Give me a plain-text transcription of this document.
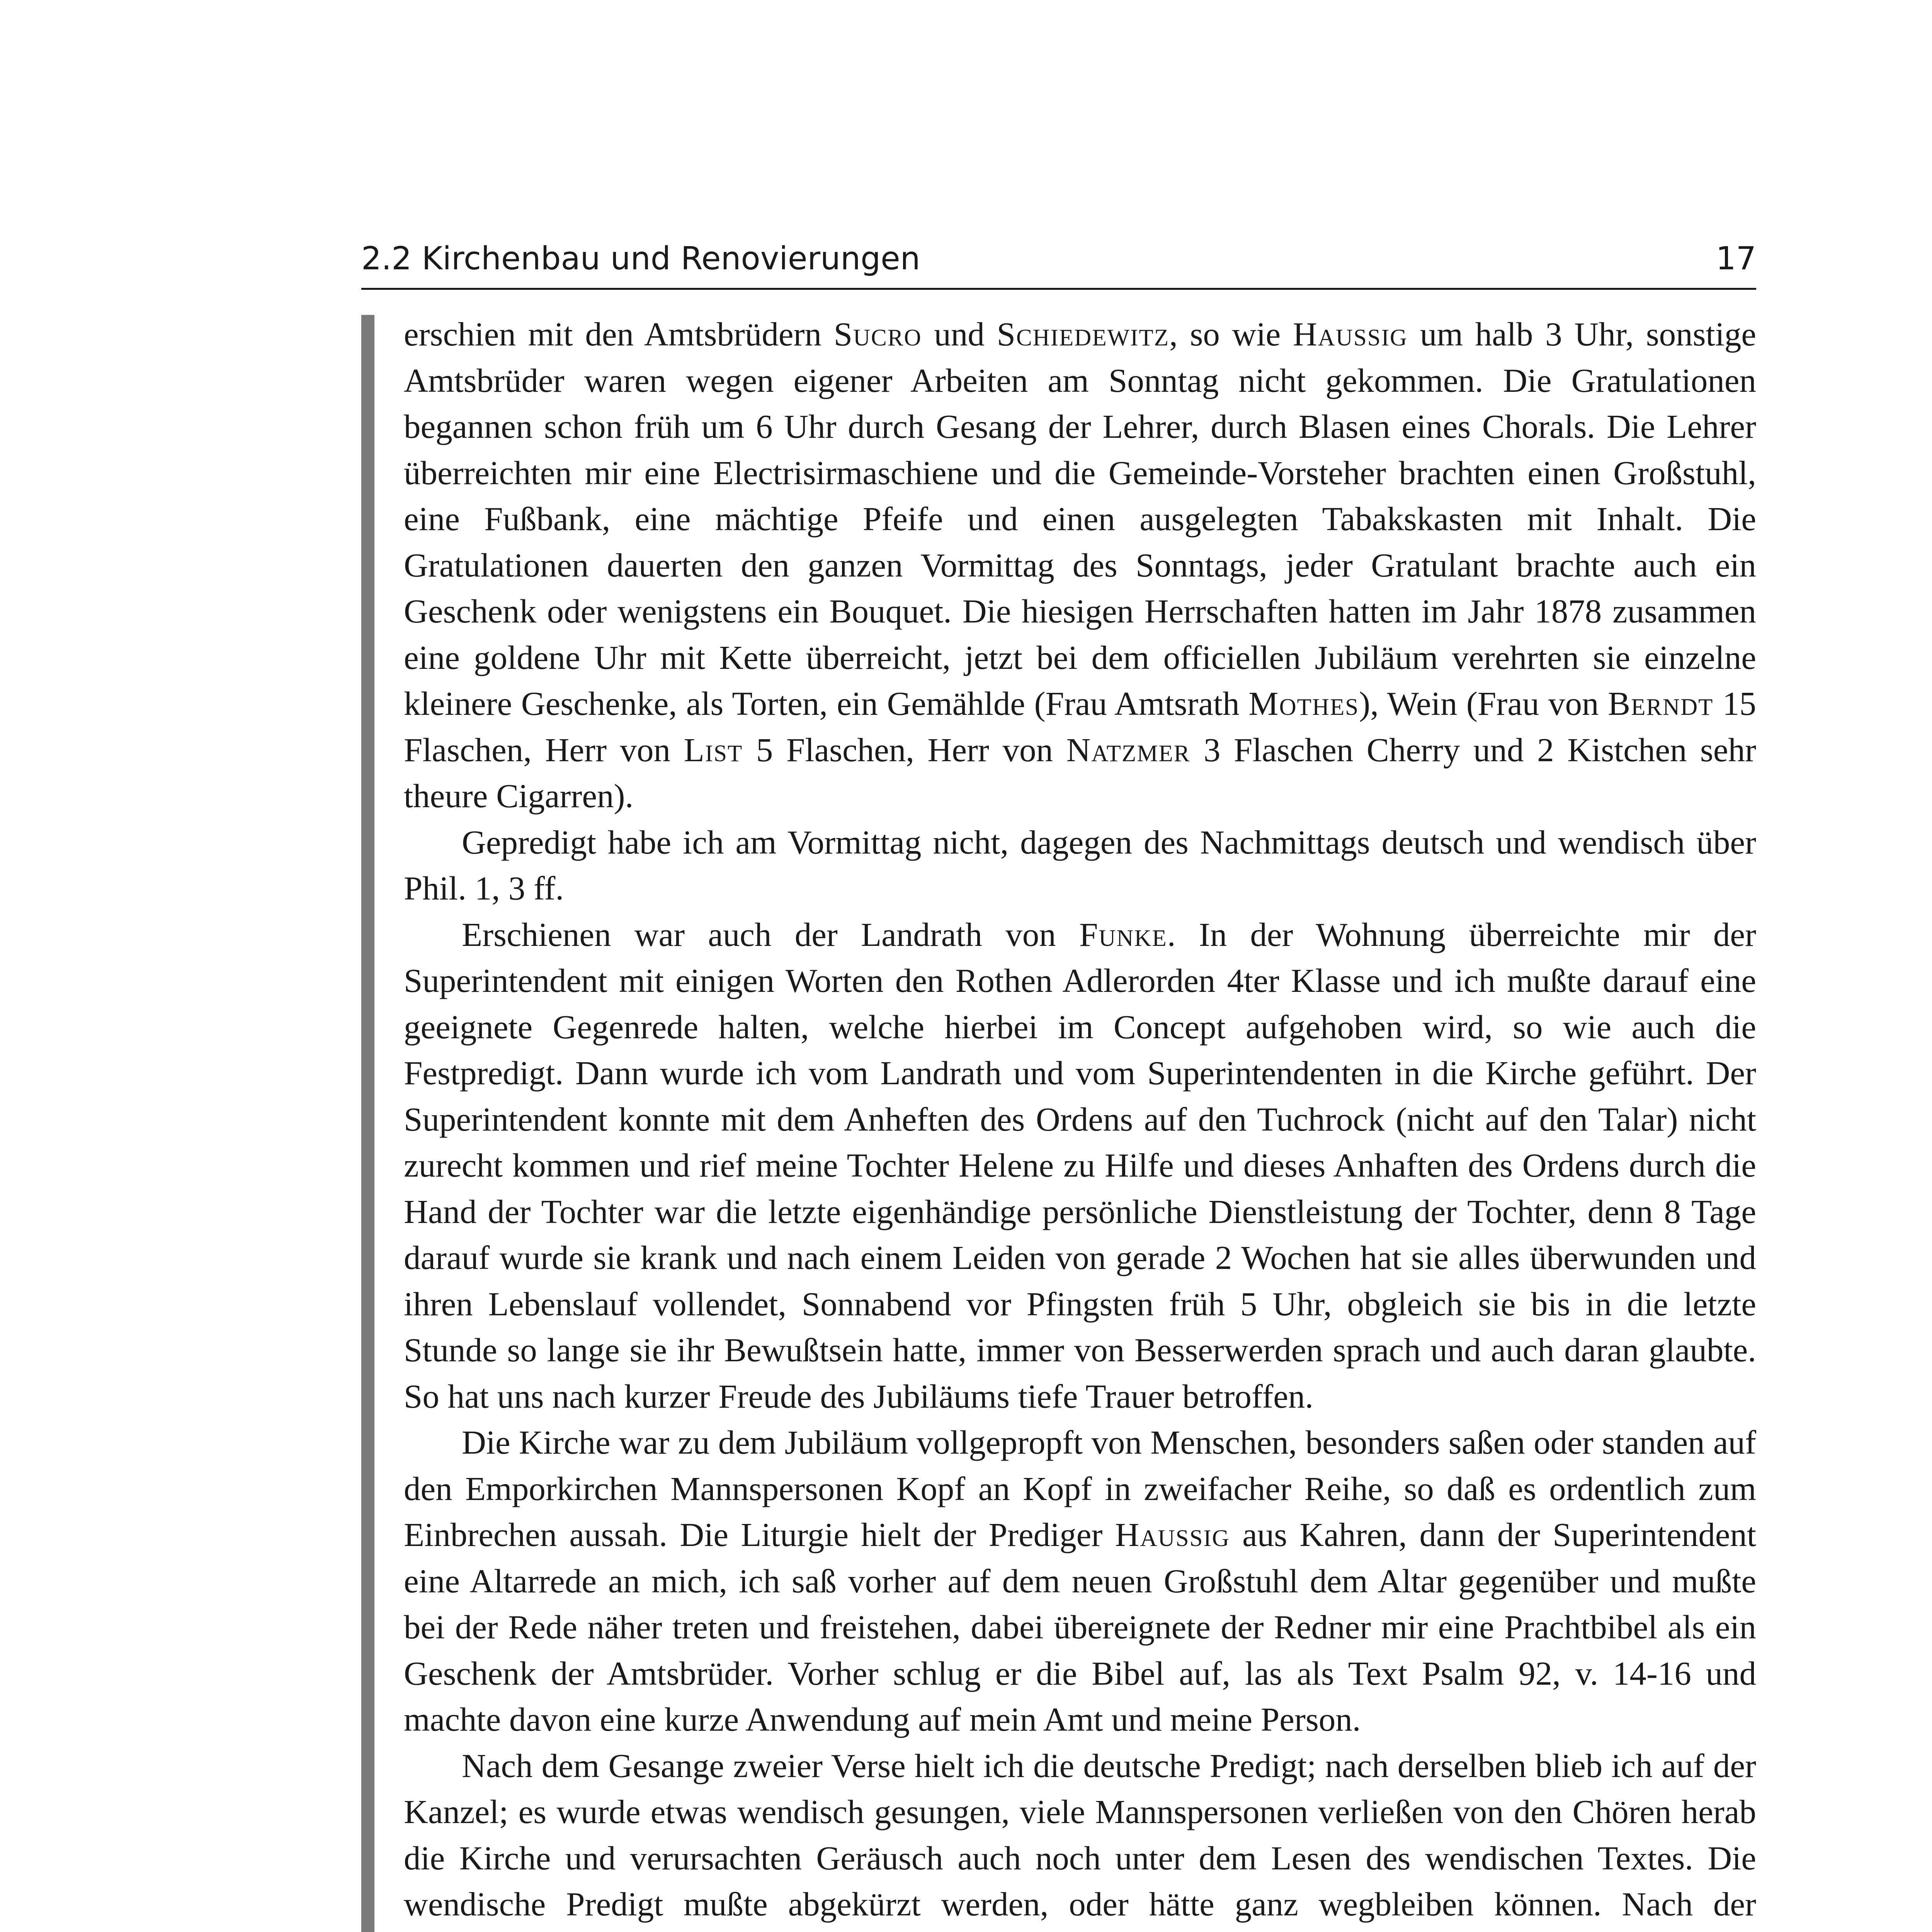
2.2 Kirchenbau und Renovierungen	17

erschien mit den Amtsbrüdern Sucro und Schiedewitz, so wie Haussig um halb 3 Uhr, sonstige Amtsbrüder waren wegen eigener Arbeiten am Sonntag nicht gekommen. Die Gratulationen begannen schon früh um 6 Uhr durch Gesang der Lehrer, durch Blasen eines Chorals. Die Lehrer überreichten mir eine Electrisirmaschiene und die Gemeinde-Vorsteher brachten einen Großstuhl, eine Fußbank, eine mächtige Pfeife und einen ausgelegten Tabakskasten mit Inhalt. Die Gratulationen dauerten den ganzen Vormittag des Sonntags, jeder Gratulant brachte auch ein Geschenk oder wenigstens ein Bouquet. Die hiesigen Herrschaften hatten im Jahr 1878 zusammen eine goldene Uhr mit Kette überreicht, jetzt bei dem officiellen Jubiläum verehrten sie einzelne kleinere Geschenke, als Torten, ein Gemählde (Frau Amtsrath Mothes), Wein (Frau von Berndt 15 Flaschen, Herr von List 5 Flaschen, Herr von Natzmer 3 Flaschen Cherry und 2 Kistchen sehr theure Cigarren).

Gepredigt habe ich am Vormittag nicht, dagegen des Nachmittags deutsch und wendisch über Phil. 1, 3 ff.

Erschienen war auch der Landrath von Funke. In der Wohnung überreichte mir der Superintendent mit einigen Worten den Rothen Adlerorden 4ter Klasse und ich mußte darauf eine geeignete Gegenrede halten, welche hierbei im Concept aufgehoben wird, so wie auch die Festpredigt. Dann wurde ich vom Landrath und vom Superintendenten in die Kirche geführt. Der Superintendent konnte mit dem Anheften des Ordens auf den Tuchrock (nicht auf den Talar) nicht zurecht kommen und rief meine Tochter Helene zu Hilfe und dieses Anhaften des Ordens durch die Hand der Tochter war die letzte eigenhändige persönliche Dienstleistung der Tochter, denn 8 Tage darauf wurde sie krank und nach einem Leiden von gerade 2 Wochen hat sie alles überwunden und ihren Lebenslauf vollendet, Sonnabend vor Pfingsten früh 5 Uhr, obgleich sie bis in die letzte Stunde so lange sie ihr Bewußtsein hatte, immer von Besserwerden sprach und auch daran glaubte. So hat uns nach kurzer Freude des Jubiläums tiefe Trauer betroffen.

Die Kirche war zu dem Jubiläum vollgepropft von Menschen, besonders saßen oder standen auf den Emporkirchen Mannspersonen Kopf an Kopf in zweifacher Reihe, so daß es ordentlich zum Einbrechen aussah. Die Liturgie hielt der Prediger Haussig aus Kahren, dann der Superintendent eine Altarrede an mich, ich saß vorher auf dem neuen Großstuhl dem Altar gegenüber und mußte bei der Rede näher treten und freistehen, dabei übereignete der Redner mir eine Prachtbibel als ein Geschenk der Amtsbrüder. Vorher schlug er die Bibel auf, las als Text Psalm 92, v. 14-16 und machte davon eine kurze Anwendung auf mein Amt und meine Person.

Nach dem Gesange zweier Verse hielt ich die deutsche Predigt; nach derselben blieb ich auf der Kanzel; es wurde etwas wendisch gesungen, viele Mannspersonen verließen von den Chören herab die Kirche und verursachten Geräusch auch noch unter dem Lesen des wendischen Textes. Die wendische Predigt mußte abgekürzt werden, oder hätte ganz wegbleiben können. Nach der
